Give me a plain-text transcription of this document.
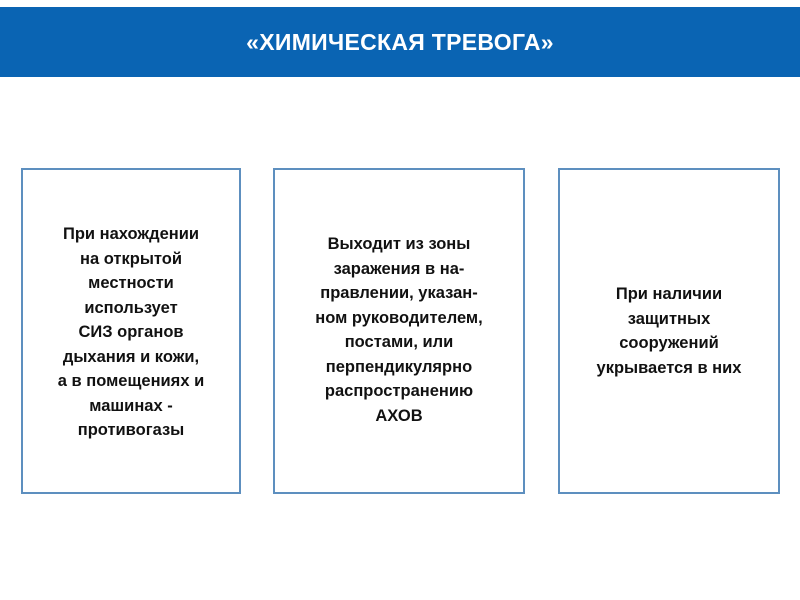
«ХИМИЧЕСКАЯ ТРЕВОГА»

При нахождении
на открытой
местности
использует
СИЗ органов
дыхания и кожи,
а в помещениях и
машинах -
противогазы

Выходит из зоны
заражения в на-
правлении, указан-
ном руководителем,
постами, или
перпендикулярно
распространению
АХОВ

При наличии
защитных
сооружений
укрывается в них
